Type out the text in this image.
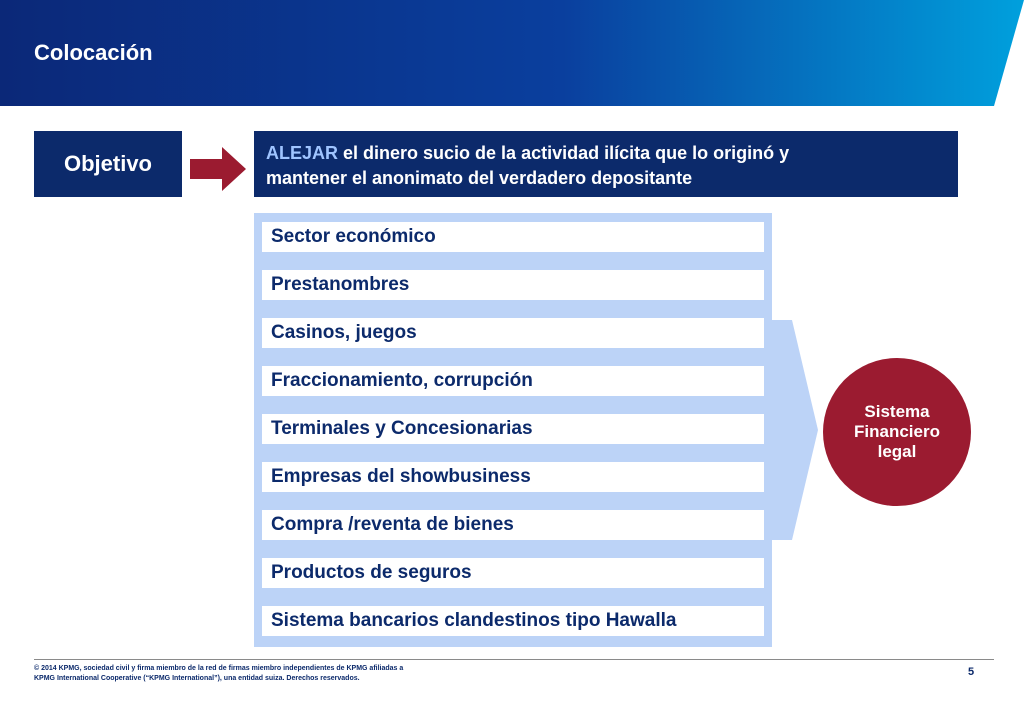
Colocación
Objetivo	ALEJAR el dinero sucio de la actividad ilícita que lo originó y
mantener el anonimato del verdadero depositante
Sector económico
Prestanombres
Casinos, juegos
Fraccionamiento, corrupción
Terminales y Concesionarias
Empresas del showbusiness
Compra /reventa de bienes
Productos de seguros
Sistema bancarios clandestinos tipo Hawalla
Sistema
Financiero
legal
© 2014 KPMG, sociedad civil y firma miembro de la red de firmas miembro independientes de KPMG afiliadas a
KPMG International Cooperative (“KPMG International”), una entidad suiza. Derechos reservados.
5
